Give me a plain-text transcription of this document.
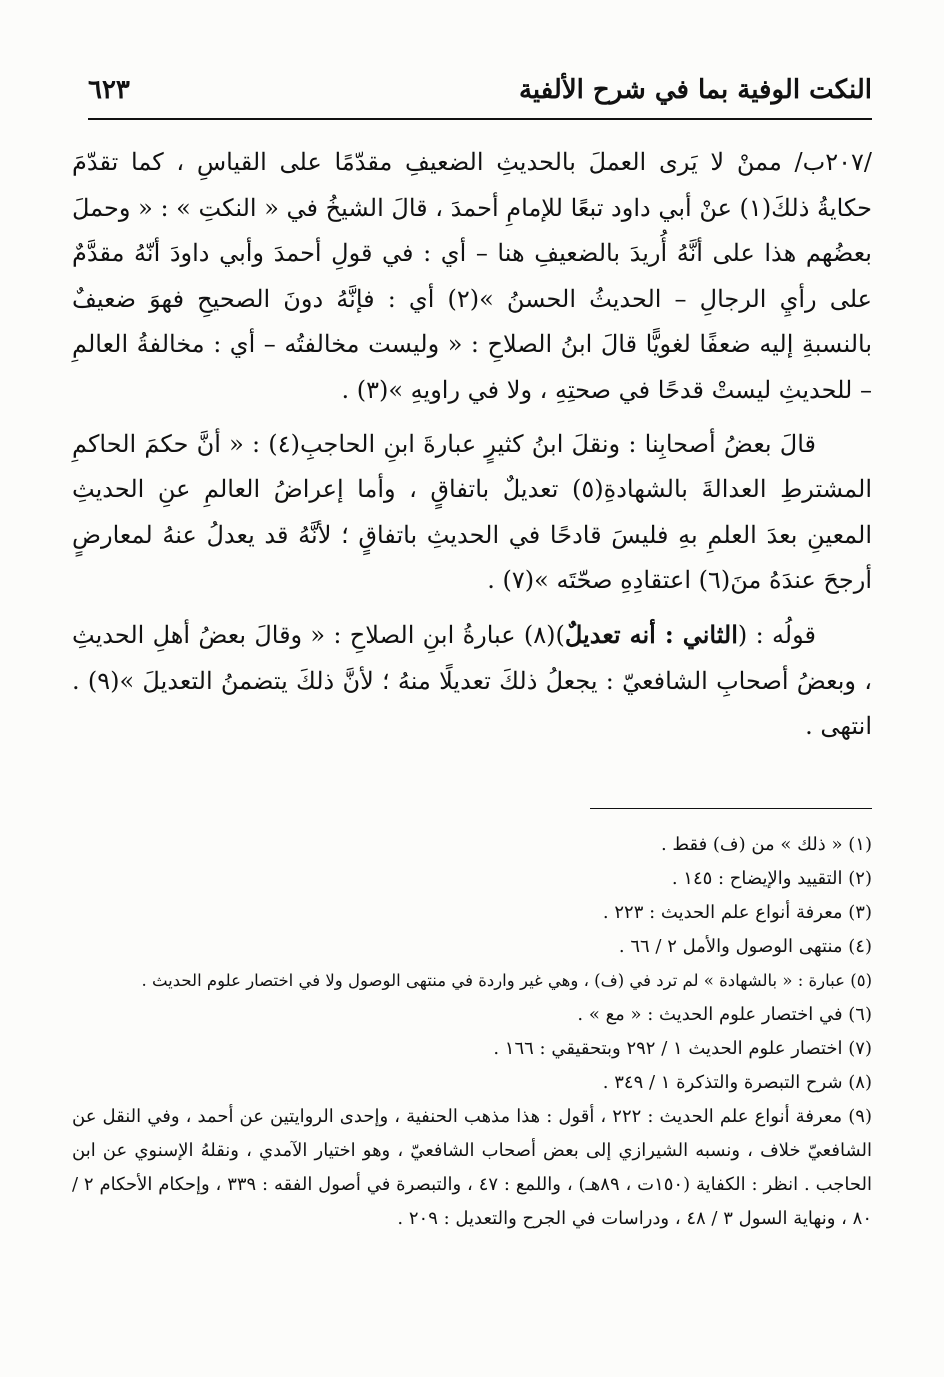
النكت الوفية بما في شرح الألفية
٦٢٣

/٢٠٧ب/ ممنْ لا يَرى العملَ بالحديثِ الضعيفِ مقدّمًا على القياسِ ، كما تقدّمَ حكايةُ ذلكَ(١) عنْ أبي داود تبعًا للإمامِ أحمدَ ، قالَ الشيخُ في « النكتِ » : « وحملَ بعضُهم هذا على أنَّهُ أُريدَ بالضعيفِ هنا – أي : في قولِ أحمدَ وأبي داودَ أنّهُ مقدَّمٌ على رأيِ الرجالِ – الحديثُ الحسنُ »(٢) أي : فإنَّهُ دونَ الصحيحِ فهوَ ضعيفٌ بالنسبةِ إليه ضعفًا لغويًّا قالَ ابنُ الصلاحِ : « وليست مخالفتُه – أي : مخالفةُ العالمِ – للحديثِ ليستْ قدحًا في صحتِهِ ، ولا في راويهِ »(٣) .

قالَ بعضُ أصحابِنا : ونقلَ ابنُ كثيرٍ عبارةَ ابنِ الحاجبِ(٤) : « أنَّ حكمَ الحاكمِ المشترطِ العدالةَ بالشهادةِ(٥) تعديلٌ باتفاقٍ ، وأما إعراضُ العالمِ عنِ الحديثِ المعينِ بعدَ العلمِ بهِ فليسَ قادحًا في الحديثِ باتفاقٍ ؛ لأنَّهُ قد يعدلُ عنهُ لمعارضٍ أرجحَ عندَهُ منَ(٦) اعتقادِهِ صحّتَه »(٧) .

قولُه : (الثاني : أنه تعديلٌ)(٨) عبارةُ ابنِ الصلاحِ : « وقالَ بعضُ أهلِ الحديثِ ، وبعضُ أصحابِ الشافعيّ : يجعلُ ذلكَ تعديلًا منهُ ؛ لأنَّ ذلكَ يتضمنُ التعديلَ »(٩) . انتهى .

(١) « ذلك » من (ف) فقط .

(٢) التقييد والإيضاح : ١٤٥ .

(٣) معرفة أنواع علم الحديث : ٢٢٣ .

(٤) منتهى الوصول والأمل ٢ / ٦٦ .

(٥) عبارة : « بالشهادة » لم ترد في (ف) ، وهي غير واردة في منتهى الوصول ولا في اختصار علوم الحديث .

(٦) في اختصار علوم الحديث : « مع » .

(٧) اختصار علوم الحديث ١ / ٢٩٢ وبتحقيقي : ١٦٦ .

(٨) شرح التبصرة والتذكرة ١ / ٣٤٩ .

(٩) معرفة أنواع علم الحديث : ٢٢٢ ، أقول : هذا مذهب الحنفية ، وإحدى الروايتين عن أحمد ، وفي النقل عن الشافعيّ خلاف ، ونسبه الشيرازي إلى بعض أصحاب الشافعيّ ، وهو اختيار الآمدي ، ونقلهُ الإسنوي عن ابن الحاجب . انظر : الكفاية (١٥٠ت ، ٨٩هـ) ، واللمع : ٤٧ ، والتبصرة في أصول الفقه : ٣٣٩ ، وإحكام الأحكام ٢ / ٨٠ ، ونهاية السول ٣ / ٤٨ ، ودراسات في الجرح والتعديل : ٢٠٩ .
